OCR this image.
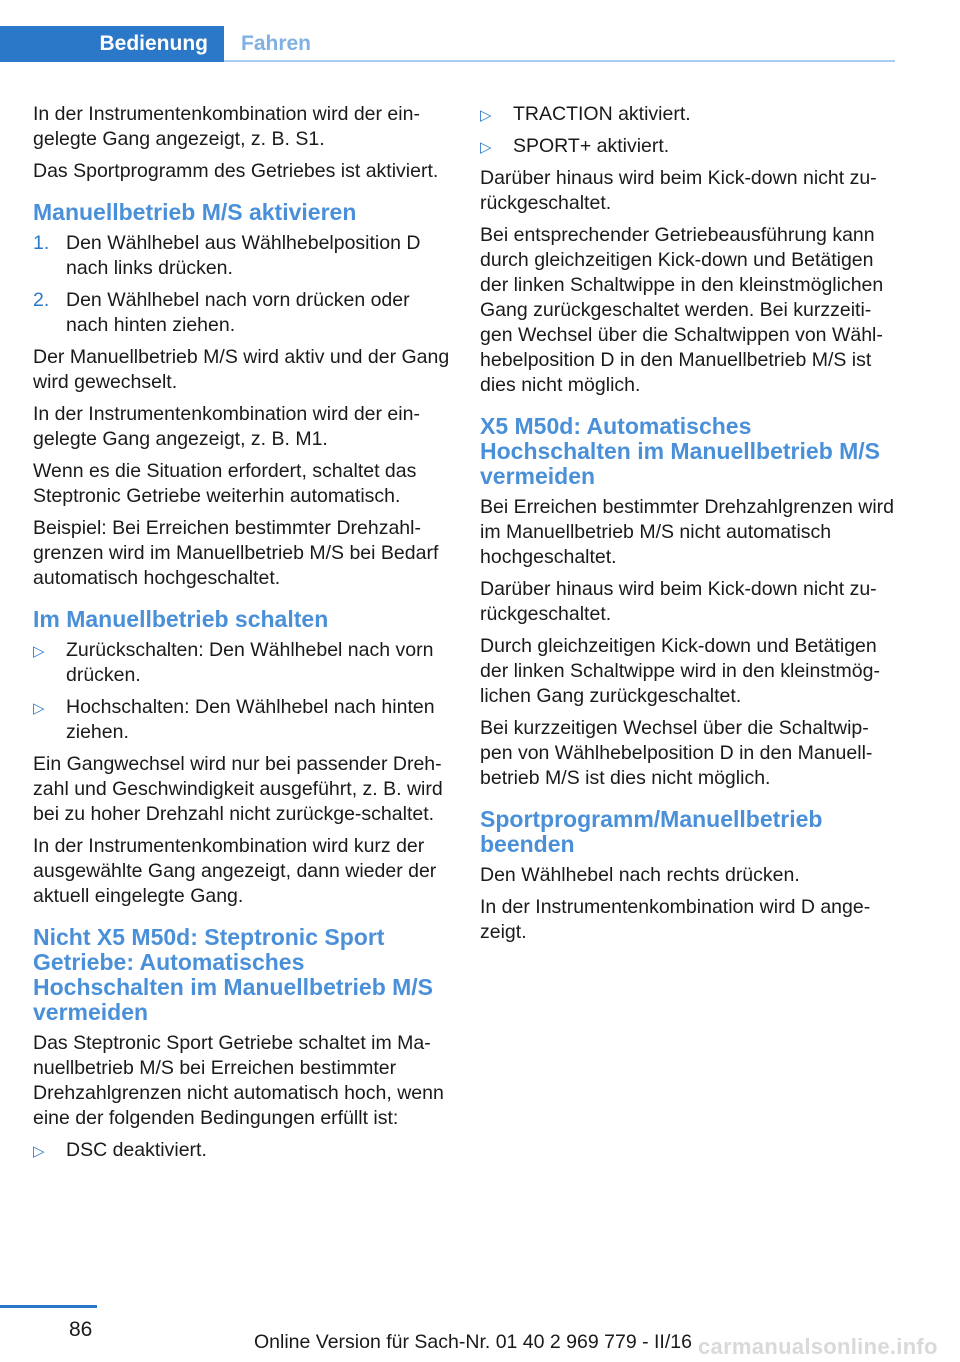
Bedienung	Fahren

In der Instrumentenkombination wird der ein‐gelegte Gang angezeigt, z. B. S1.

Das Sportprogramm des Getriebes ist aktiviert.

Manuellbetrieb M/S aktivieren
1. Den Wählhebel aus Wählhebelposition D nach links drücken.
2. Den Wählhebel nach vorn drücken oder nach hinten ziehen.

Der Manuellbetrieb M/S wird aktiv und der Gang wird gewechselt.

In der Instrumentenkombination wird der ein‐gelegte Gang angezeigt, z. B. M1.

Wenn es die Situation erfordert, schaltet das Steptronic Getriebe weiterhin automatisch.

Beispiel: Bei Erreichen bestimmter Drehzahl‐grenzen wird im Manuellbetrieb M/S bei Bedarf automatisch hochgeschaltet.

Im Manuellbetrieb schalten
▷ Zurückschalten: Den Wählhebel nach vorn drücken.
▷ Hochschalten: Den Wählhebel nach hinten ziehen.

Ein Gangwechsel wird nur bei passender Dreh‐zahl und Geschwindigkeit ausgeführt, z. B. wird bei zu hoher Drehzahl nicht zurückge‐schaltet.

In der Instrumentenkombination wird kurz der ausgewählte Gang angezeigt, dann wieder der aktuell eingelegte Gang.

Nicht X5 M50d: Steptronic Sport Getriebe: Automatisches Hochschalten im Manuellbetrieb M/S vermeiden

Das Steptronic Sport Getriebe schaltet im Ma‐nuellbetrieb M/S bei Erreichen bestimmter Drehzahlgrenzen nicht automatisch hoch, wenn eine der folgenden Bedingungen erfüllt ist:

▷ DSC deaktiviert.
▷ TRACTION aktiviert.
▷ SPORT+ aktiviert.

Darüber hinaus wird beim Kick-down nicht zu‐rückgeschaltet.

Bei entsprechender Getriebeausführung kann durch gleichzeitigen Kick-down und Betätigen der linken Schaltwippe in den kleinstmöglichen Gang zurückgeschaltet werden. Bei kurzzeiti‐gen Wechsel über die Schaltwippen von Wähl‐hebelposition D in den Manuellbetrieb M/S ist dies nicht möglich.

X5 M50d: Automatisches Hochschalten im Manuellbetrieb M/S vermeiden

Bei Erreichen bestimmter Drehzahlgrenzen wird im Manuellbetrieb M/S nicht automatisch hochgeschaltet.

Darüber hinaus wird beim Kick-down nicht zu‐rückgeschaltet.

Durch gleichzeitigen Kick-down und Betätigen der linken Schaltwippe wird in den kleinstmög‐lichen Gang zurückgeschaltet.

Bei kurzzeitigen Wechsel über die Schaltwip‐pen von Wählhebelposition D in den Manuell‐betrieb M/S ist dies nicht möglich.

Sportprogramm/Manuellbetrieb beenden

Den Wählhebel nach rechts drücken.

In der Instrumentenkombination wird D ange‐zeigt.

86
Online Version für Sach-Nr. 01 40 2 969 779 - II/16 carmanualsonline.info
